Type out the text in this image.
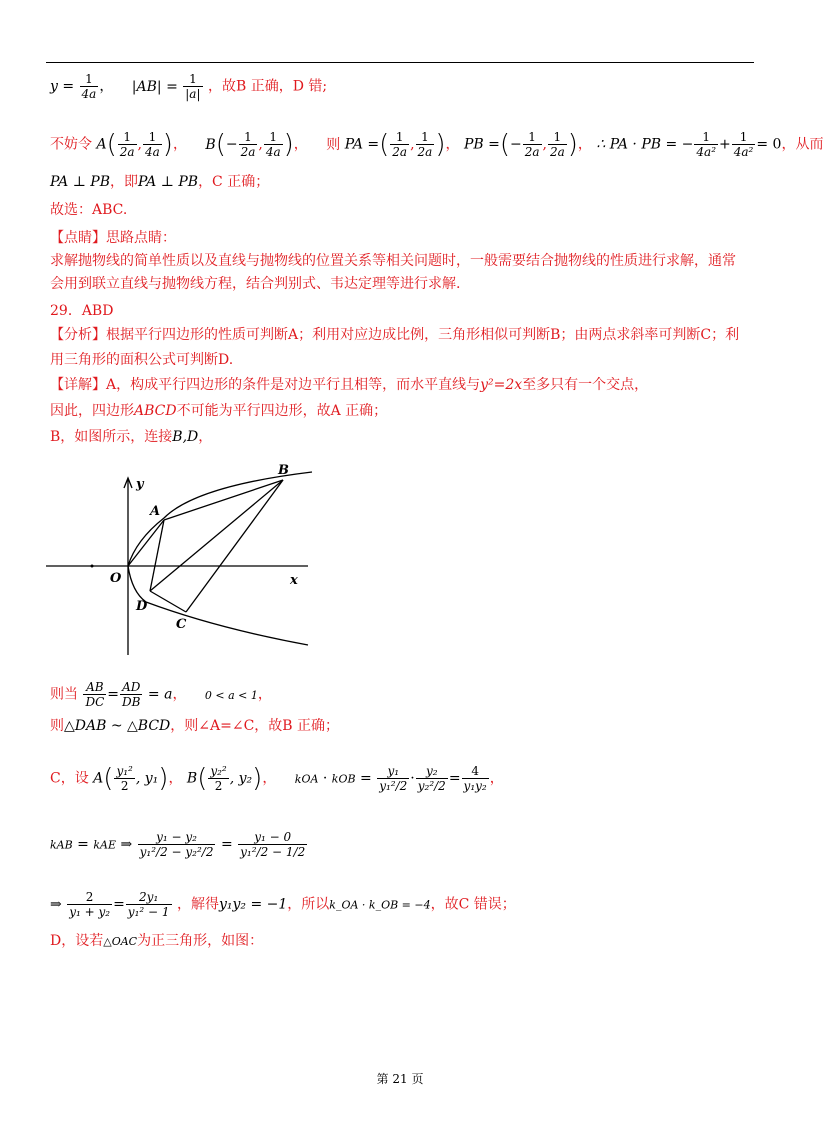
$y = \frac{1}{4a}$ ， $|AB| = \frac{1}{|a|}$ ，故B 正确，D 错;
不妨令 $A( \frac{1}{2a}$ , $\frac{1}{4a}$ )， $B(- \frac{1}{2a}$ , $\frac{1}{4a}$ )， 则 PA =( $\frac{1}{2a}$ , $\frac{1}{2a}$ )， PB =(− $\frac{1}{2a}$ , $\frac{1}{2a}$ )， ∴ PA · PB = − $\frac{1}{\text{4a²}} + \frac{1}{\text{4a²}} = 0$，从而
PA ⊥ PB，即PA ⊥ PB，C 正确；
故选：ABC.
【点睛】思路点睛：
求解抛物线的简单性质以及直线与抛物线的位置关系等相关问题时，一般需要结合抛物线的性质进行求解，通常
会用到联立直线与抛物线方程，结合判别式、韦达定理等进行求解.
29．ABD
【分析】根据平行四边形的性质可判断A；利用对应边成比例，三角形相似可判断B；由两点求斜率可判断C；利
用三角形的面积公式可判断D.
【详解】A，构成平行四边形的条件是对边平行且相等，而水平直线与y²=2x至多只有一个交点，
因此，四边形ABCD不可能为平行四边形，故A 正确；
B，如图所示，连接B,D，
A
B
C
D
O	x
y
则当 $\frac{AB}{DC} = \frac{AD}{DB} = a$， 0 < a < 1，
则△DAB ~ △BCD，则∠A=∠C，故B 正确；
C，设 $A( \frac{\text{y₁²}}{2}$ , y₁)， $B( \frac{\text{y₂²}}{2}$ , y₂)， kOA · kOB = $\frac{\text{y₁}}{\text{y₁²/2}} \cdot \frac{\text{y₂}}{\text{y₂²/2}} = \frac{4}{\text{y₁y₂}}$ ，
kAB = kAE ⇒ $\frac{\text{y₁ − y₂}}{\text{y₁²/2 − y₂²/2}} = \frac{\text{y₁ − 0}}{\text{y₁²/2 − 1/2}}$
⇒ $\frac{2}{\text{y₁ + y₂}} = \frac{\text{2y₁}}{\text{y₁² − 1}}$ ，解得y₁y₂ = −1，所以k_OA · k_OB = −4，故C 错误；
D，设若△OAC为正三角形，如图：
第 21 页
